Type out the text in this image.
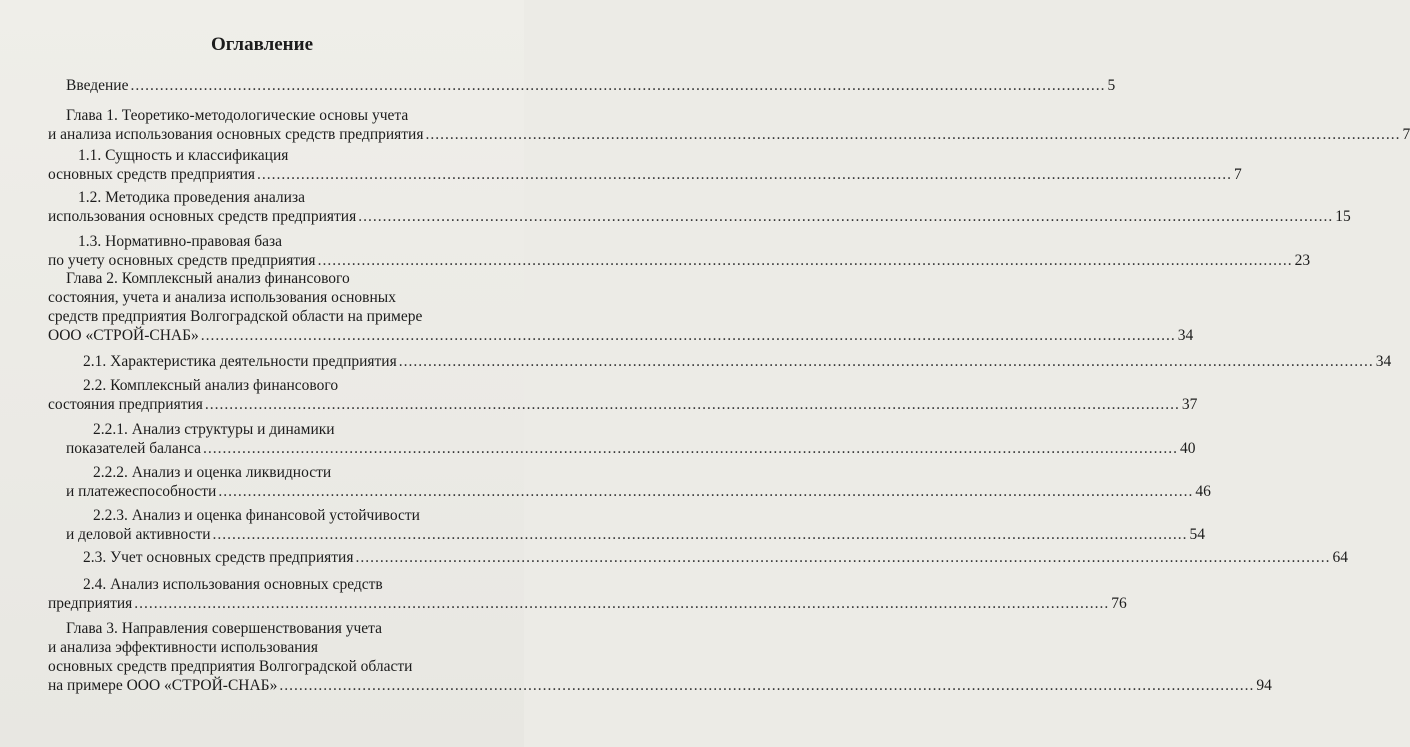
Оглавление
Введение ........................................................................................................................................................................................................ 5
Глава 1. Теоретико-методологические основы учета
и анализа использования основных средств предприятия ........................................................................................................................................................................................................ 7
1.1. Сущность и классификация
основных средств предприятия ........................................................................................................................................................................................................ 7
1.2. Методика проведения анализа
использования основных средств предприятия ........................................................................................................................................................................................................ 15
1.3. Нормативно-правовая база
по учету основных средств предприятия ........................................................................................................................................................................................................ 23
Глава 2. Комплексный анализ финансового
состояния, учета и анализа использования основных
средств предприятия Волгоградской области на примере
ООО «СТРОЙ-СНАБ» ........................................................................................................................................................................................................ 34
2.1. Характеристика деятельности предприятия ........................................................................................................................................................................................................ 34
2.2. Комплексный анализ финансового
состояния предприятия ........................................................................................................................................................................................................ 37
2.2.1. Анализ структуры и динамики
показателей баланса ........................................................................................................................................................................................................ 40
2.2.2. Анализ и оценка ликвидности
и платежеспособности ........................................................................................................................................................................................................ 46
2.2.3. Анализ и оценка финансовой устойчивости
и деловой активности ........................................................................................................................................................................................................ 54
2.3. Учет основных средств предприятия ........................................................................................................................................................................................................ 64
2.4. Анализ использования основных средств
предприятия ........................................................................................................................................................................................................ 76
Глава 3. Направления совершенствования учета
и анализа эффективности использования
основных средств предприятия Волгоградской области
на примере ООО «СТРОЙ-СНАБ» ........................................................................................................................................................................................................ 94
